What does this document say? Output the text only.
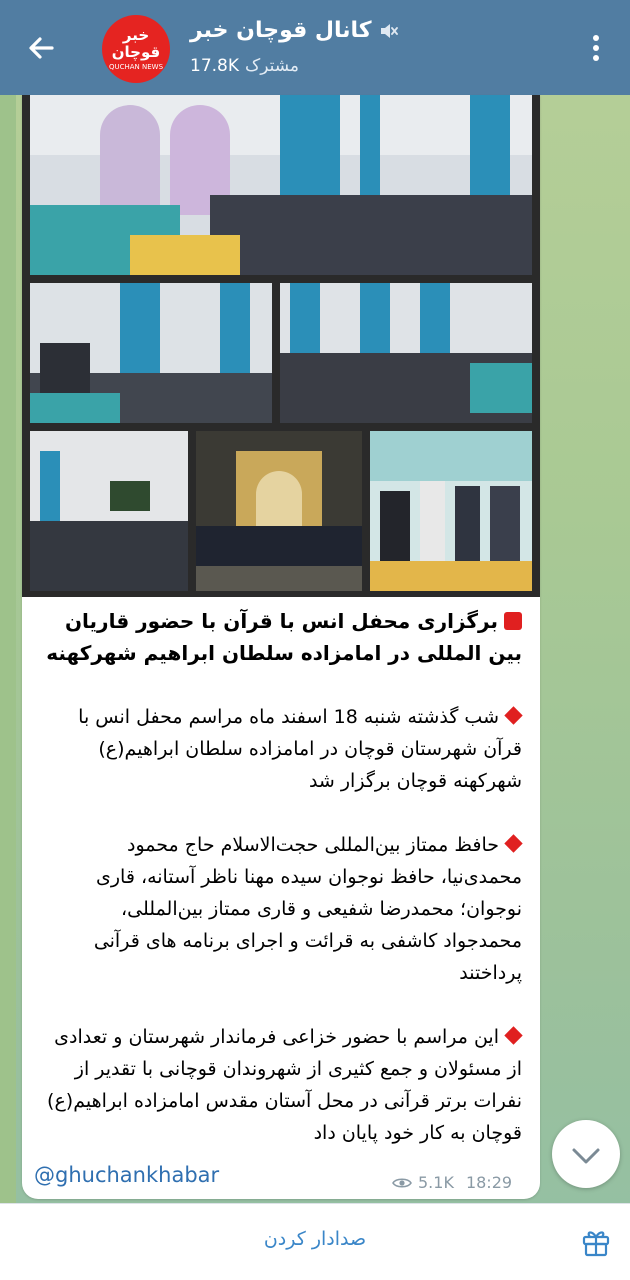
خبر قوچان
QUCHAN NEWS
کانال قوچان خبر
17.8K مشترک
برگزاری محفل انس با قرآن با حضور قاریان بین المللی در امامزاده سلطان ابراهیم شهرکهنه
شب گذشته شنبه 18 اسفند ماه مراسم محفل انس با قرآن شهرستان قوچان در امامزاده سلطان ابراهیم(ع) شهرکهنه قوچان برگزار شد
حافظ ممتاز بین‌المللی حجت‌الاسلام حاج محمود محمدی‌نیا، حافظ نوجوان سیده مهنا ناظر آستانه، قاری نوجوان؛ محمدرضا شفیعی و قاری ممتاز بین‌المللی، محمدجواد کاشفی به قرائت و اجرای برنامه های قرآنی پرداختند
این مراسم با حضور خزاعی فرماندار شهرستان و تعدادی از مسئولان و جمع کثیری از شهروندان قوچانی با تقدیر از نفرات برتر قرآنی در محل آستان مقدس امامزاده ابراهیم(ع) قوچان به کار خود پایان داد
@ghuchankhabar	5.1K 18:29
صدادار کردن
